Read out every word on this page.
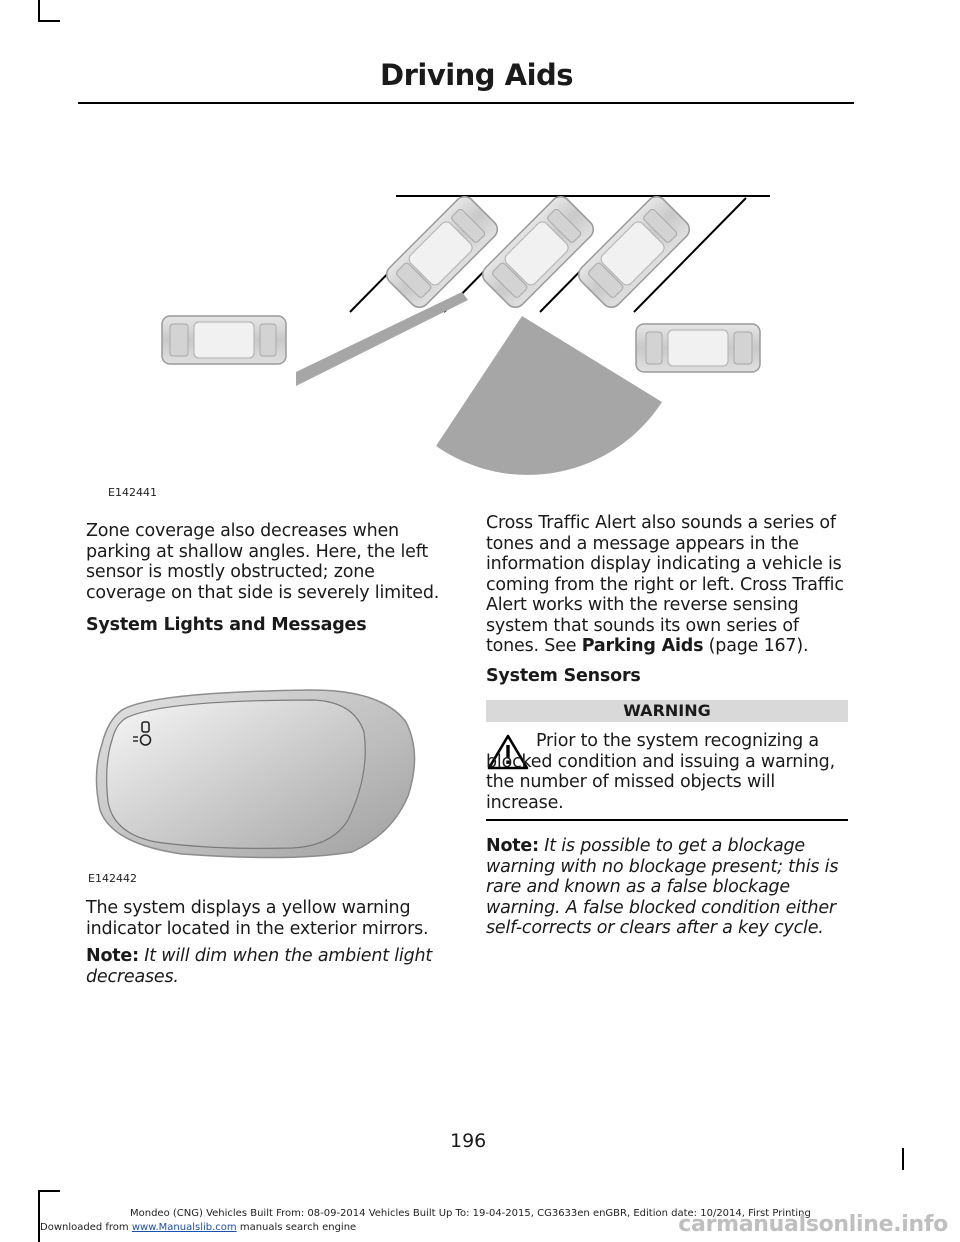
Driving Aids
E142441

Zone coverage also decreases when parking at shallow angles. Here, the left sensor is mostly obstructed; zone coverage on that side is severely limited.

System Lights and Messages
E142442

The system displays a yellow warning indicator located in the exterior mirrors.

Note: It will dim when the ambient light decreases.

Cross Traffic Alert also sounds a series of tones and a message appears in the information display indicating a vehicle is coming from the right or left. Cross Traffic Alert works with the reverse sensing system that sounds its own series of tones. See Parking Aids (page 167).

System Sensors
WARNING

Prior to the system recognizing a blocked condition and issuing a warning, the number of missed objects will increase.

Note: It is possible to get a blockage warning with no blockage present; this is rare and known as a false blockage warning. A false blocked condition either self-corrects or clears after a key cycle.

196
Downloaded from www.Manualslib.com manuals search engine
Mondeo (CNG) Vehicles Built From: 08-09-2014 Vehicles Built Up To: 19-04-2015, CG3633en enGBR, Edition date: 10/2014, First Printing
carmanualsonline.info
